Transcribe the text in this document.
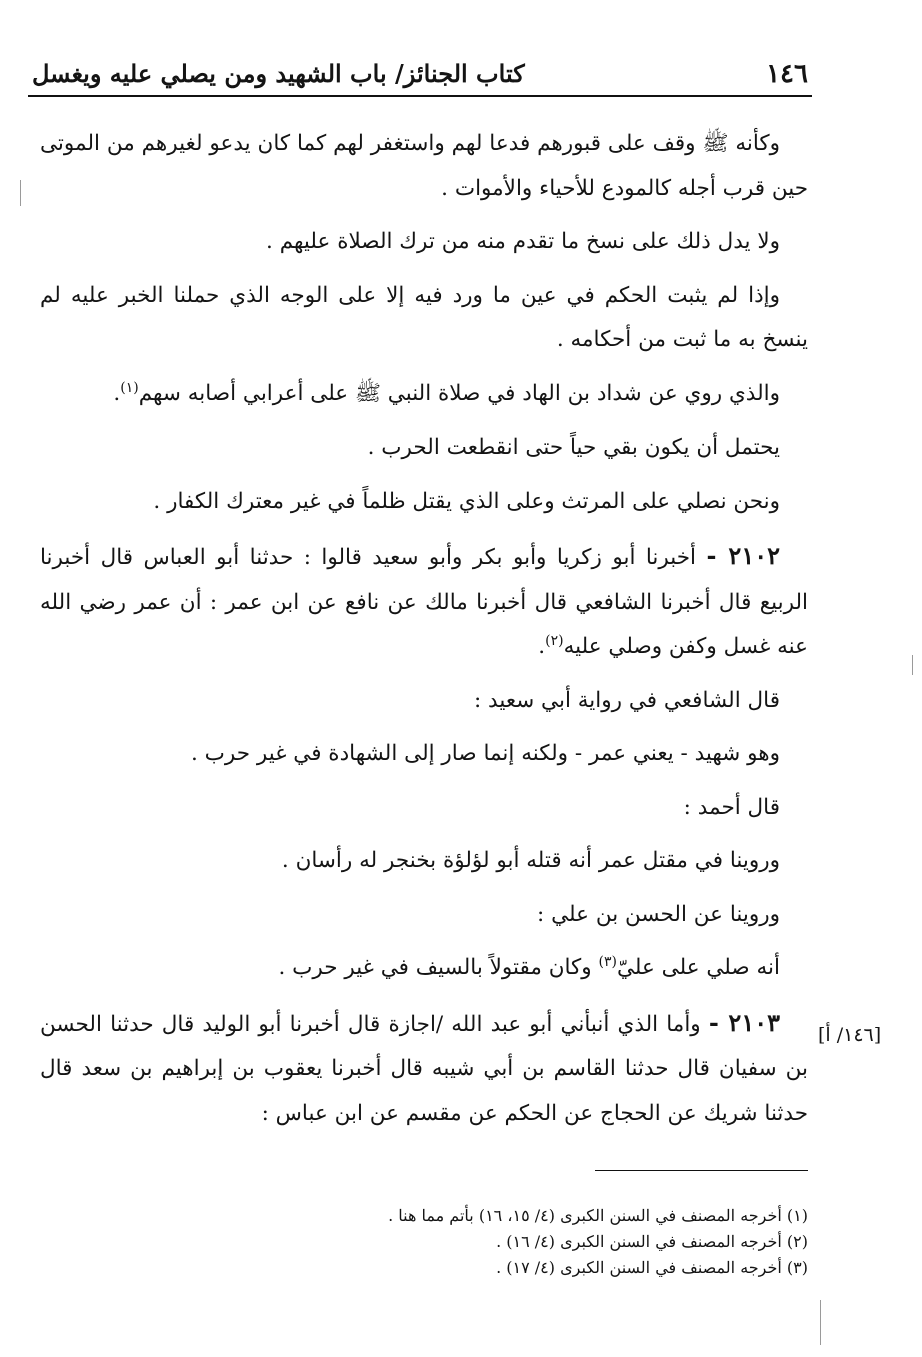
١٤٦
كتاب الجنائز/ باب الشهيد ومن يصلي عليه ويغسل

وكأنه ﷺ وقف على قبورهم فدعا لهم واستغفر لهم كما كان يدعو لغيرهم من الموتى حين قرب أجله كالمودع للأحياء والأموات .

ولا يدل ذلك على نسخ ما تقدم منه من ترك الصلاة عليهم .

وإذا لم يثبت الحكم في عين ما ورد فيه إلا على الوجه الذي حملنا الخبر عليه لم ينسخ به ما ثبت من أحكامه .

والذي روي عن شداد بن الهاد في صلاة النبي ﷺ على أعرابي أصابه سهم$^{(١)}$.

يحتمل أن يكون بقي حياً حتى انقطعت الحرب .

ونحن نصلي على المرتث وعلى الذي يقتل ظلماً في غير معترك الكفار .

٢١٠٢ - أخبرنا أبو زكريا وأبو بكر وأبو سعيد قالوا : حدثنا أبو العباس قال أخبرنا الربيع قال أخبرنا الشافعي قال أخبرنا مالك عن نافع عن ابن عمر : أن عمر رضي الله عنه غسل وكفن وصلي عليه$^{(٢)}$.

قال الشافعي في رواية أبي سعيد :

وهو شهيد - يعني عمر - ولكنه إنما صار إلى الشهادة في غير حرب .

قال أحمد :

وروينا في مقتل عمر أنه قتله أبو لؤلؤة بخنجر له رأسان .

وروينا عن الحسن بن علي :

أنه صلي على عليّ$^{(٣)}$ وكان مقتولاً بالسيف في غير حرب .

٢١٠٣ - وأما الذي أنبأني أبو عبد الله /اجازة قال أخبرنا أبو الوليد قال حدثنا الحسن بن سفيان قال حدثنا القاسم بن أبي شيبه قال أخبرنا يعقوب بن إبراهيم بن سعد قال حدثنا شريك عن الحجاج عن الحكم عن مقسم عن ابن عباس :

[١٤٦/ أ]

(١) أخرجه المصنف في السنن الكبرى (٤/ ١٥، ١٦) بأتم مما هنا .

(٢) أخرجه المصنف في السنن الكبرى (٤/ ١٦) .

(٣) أخرجه المصنف في السنن الكبرى (٤/ ١٧) .
